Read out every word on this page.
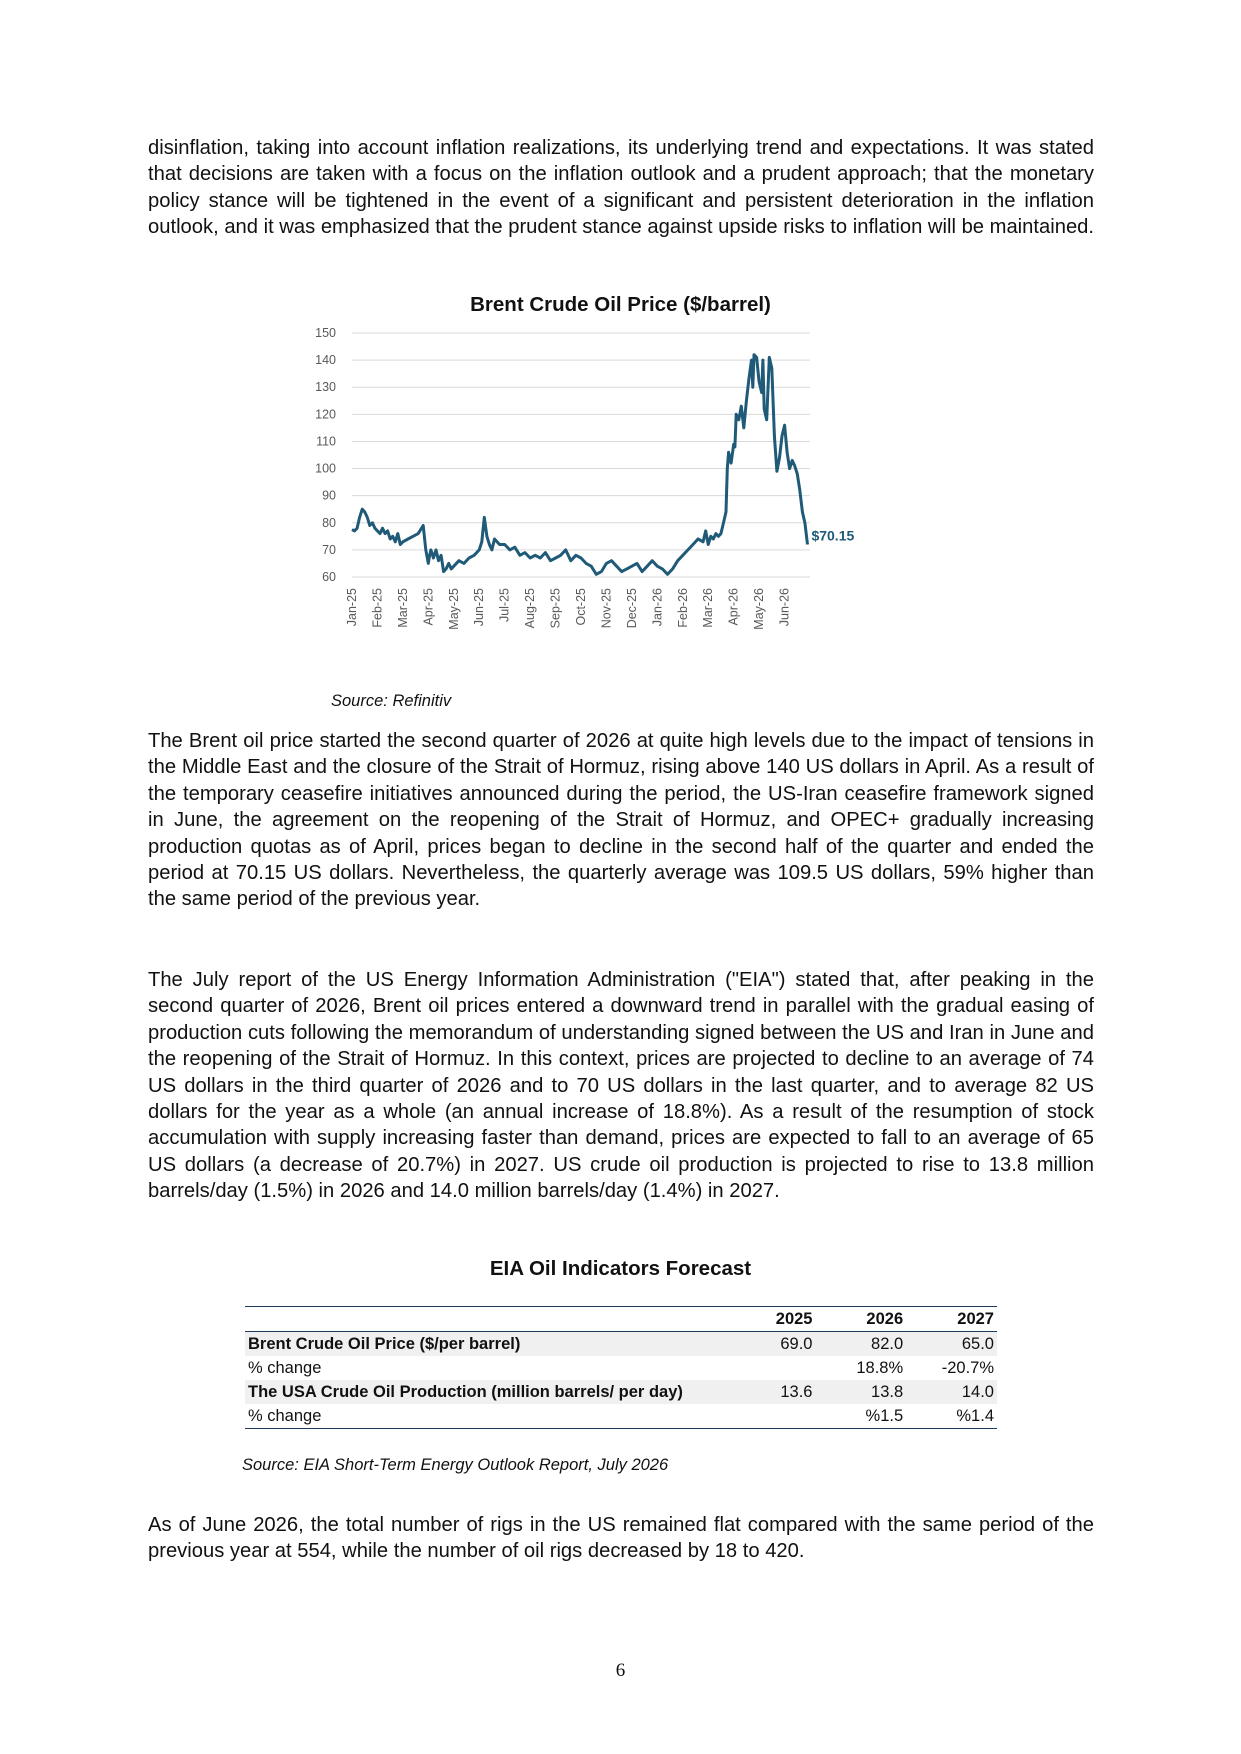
disinflation, taking into account inflation realizations, its underlying trend and expectations. It was stated that decisions are taken with a focus on the inflation outlook and a prudent approach; that the monetary policy stance will be tightened in the event of a significant and persistent deterioration in the inflation outlook, and it was emphasized that the prudent stance against upside risks to inflation will be maintained.

Brent Crude Oil Price ($/barrel)

60
70
80
90
100
110
120
130
140
150
Jan-25 Feb-25 Mar-25 Apr-25 May-25 Jun-25 Jul-25 Aug-25 Sep-25 Oct-25 Nov-25 Dec-25 Jan-26 Feb-26 Mar-26 Apr-26 May-26 Jun-26
$70.15

Source: Refinitiv

The Brent oil price started the second quarter of 2026 at quite high levels due to the impact of tensions in the Middle East and the closure of the Strait of Hormuz, rising above 140 US dollars in April. As a result of the temporary ceasefire initiatives announced during the period, the US-Iran ceasefire framework signed in June, the agreement on the reopening of the Strait of Hormuz, and OPEC+ gradually increasing production quotas as of April, prices began to decline in the second half of the quarter and ended the period at 70.15 US dollars. Nevertheless, the quarterly average was 109.5 US dollars, 59% higher than the same period of the previous year.

The July report of the US Energy Information Administration ("EIA") stated that, after peaking in the second quarter of 2026, Brent oil prices entered a downward trend in parallel with the gradual easing of production cuts following the memorandum of understanding signed between the US and Iran in June and the reopening of the Strait of Hormuz. In this context, prices are projected to decline to an average of 74 US dollars in the third quarter of 2026 and to 70 US dollars in the last quarter, and to average 82 US dollars for the year as a whole (an annual increase of 18.8%). As a result of the resumption of stock accumulation with supply increasing faster than demand, prices are expected to fall to an average of 65 US dollars (a decrease of 20.7%) in 2027. US crude oil production is projected to rise to 13.8 million barrels/day (1.5%) in 2026 and 14.0 million barrels/day (1.4%) in 2027.

EIA Oil Indicators Forecast

	2025	2026	2027
Brent Crude Oil Price ($/per barrel)	69.0	82.0	65.0
% change		18.8%	-20.7%
The USA Crude Oil Production (million barrels/ per day)	13.6	13.8	14.0
% change		%1.5	%1.4

Source: EIA Short-Term Energy Outlook Report, July 2026

As of June 2026, the total number of rigs in the US remained flat compared with the same period of the previous year at 554, while the number of oil rigs decreased by 18 to 420.

6
